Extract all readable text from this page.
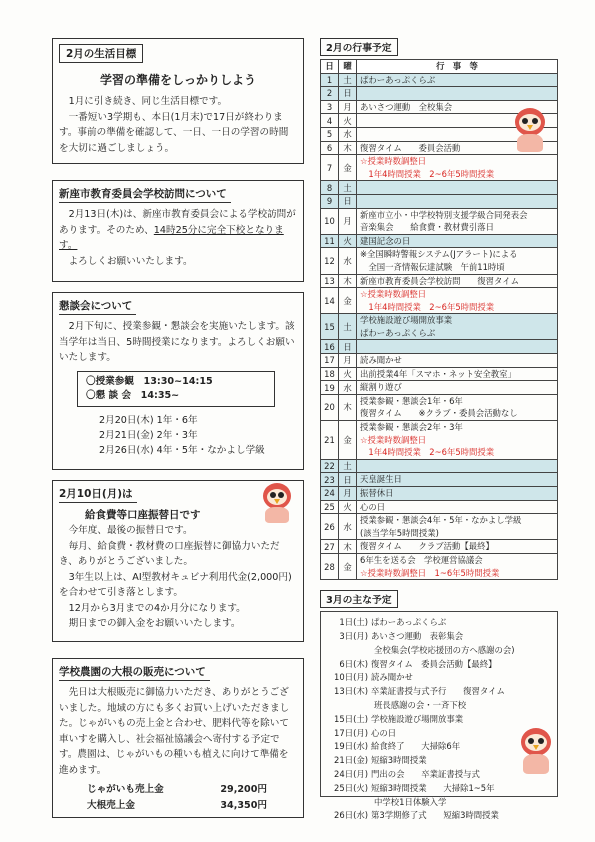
2月の生活目標
学習の準備をしっかりしよう
1月に引き続き、同じ生活目標です。
一番短い3学期も、本日(1月末)で17日が終わります。事前の準備を確認して、一日、一日の学習の時間を大切に過ごしましょう。
新座市教育委員会学校訪問について
2月13日(木)は、新座市教育委員会による学校訪問があります。そのため、14時25分に完全下校となります。
よろしくお願いいたします。
懇談会について
2月下旬に、授業参観・懇談会を実施いたします。該当学年は当日、5時間授業になります。よろしくお願いいたします。
〇授業参観　13:30~14:15
〇懇 談 会　14:35~
2月20日(木) 1年・6年
2月21日(金) 2年・3年
2月26日(水) 4年・5年・なかよし学級
2月10日(月)は
給食費等口座振替日です
今年度、最後の振替日です。
毎月、給食費・教材費の口座振替に御協力いただき、ありがとうございました。
3年生以上は、AI型教材キュビナ利用代金(2,000円)を合わせて引き落とします。
12月から3月までの4か月分になります。
期日までの御入金をお願いいたします。
学校農園の大根の販売について
先日は大根販売に御協力いただき、ありがとうございました。地域の方にも多くお買い上げいただきました。じゃがいもの売上金と合わせ、肥料代等を除いて車いすを購入し、社会福祉協議会へ寄付する予定です。農園は、じゃがいもの種いも植えに向けて準備を進めます。
じゃがいも売上金	29,200円
大根売上金	34,350円
2月の行事予定
日	曜	行　事　等
1	土	ぱわーあっぷくらぶ

2	日	

3	月	あいさつ運動　全校集会

4	火	

5	水	

6	木	復習タイム　　委員会活動

7	金	☆授業時数調整日
　1年4時間授業　2~6年5時間授業

8	土	

9	日	

10	月	新座市立小・中学校特別支援学級合同発表会
音楽集会　　給食費・教材費引落日

11	火	建国記念の日

12	水	※全国瞬時警報システム(Jアラート)による
　全国一斉情報伝達試験　午前11時頃

13	木	新座市教育委員会学校訪問　　復習タイム

14	金	☆授業時数調整日
　1年4時間授業　2~6年5時間授業

15	土	学校施設遊び場開放事業
ぱわーあっぷくらぶ

16	日	

17	月	読み聞かせ

18	火	出前授業4年「スマホ・ネット安全教室」

19	水	縦割り遊び

20	木	授業参観・懇談会1年・6年
復習タイム　　※クラブ・委員会活動なし

21	金	授業参観・懇談会2年・3年
☆授業時数調整日
　1年4時間授業　2~6年5時間授業

22	土	

23	日	天皇誕生日

24	月	振替休日

25	火	心の日

26	水	授業参観・懇談会4年・5年・なかよし学級
(該当学年5時間授業)

27	木	復習タイム　　クラブ活動【最終】

28	金	6年生を送る会　学校運営協議会
☆授業時数調整日　1~6年5時間授業
3月の主な予定
1日(土) ぱわーあっぷくらぶ
3日(月) あいさつ運動　表彰集会
全校集会(学校応援団の方へ感謝の会)
6日(木) 復習タイム　委員会活動【最終】
10日(月) 読み聞かせ
13日(木) 卒業証書授与式予行　　復習タイム
班長感謝の会・一斉下校
15日(土) 学校施設遊び場開放事業
17日(月) 心の日
19日(水) 給食終了　　大掃除6年
21日(金) 短縮3時間授業
24日(月) 門出の会　　卒業証書授与式
25日(火) 短縮3時間授業　　大掃除1~5年
中学校1日体験入学
26日(水) 第3学期修了式　　短縮3時間授業
